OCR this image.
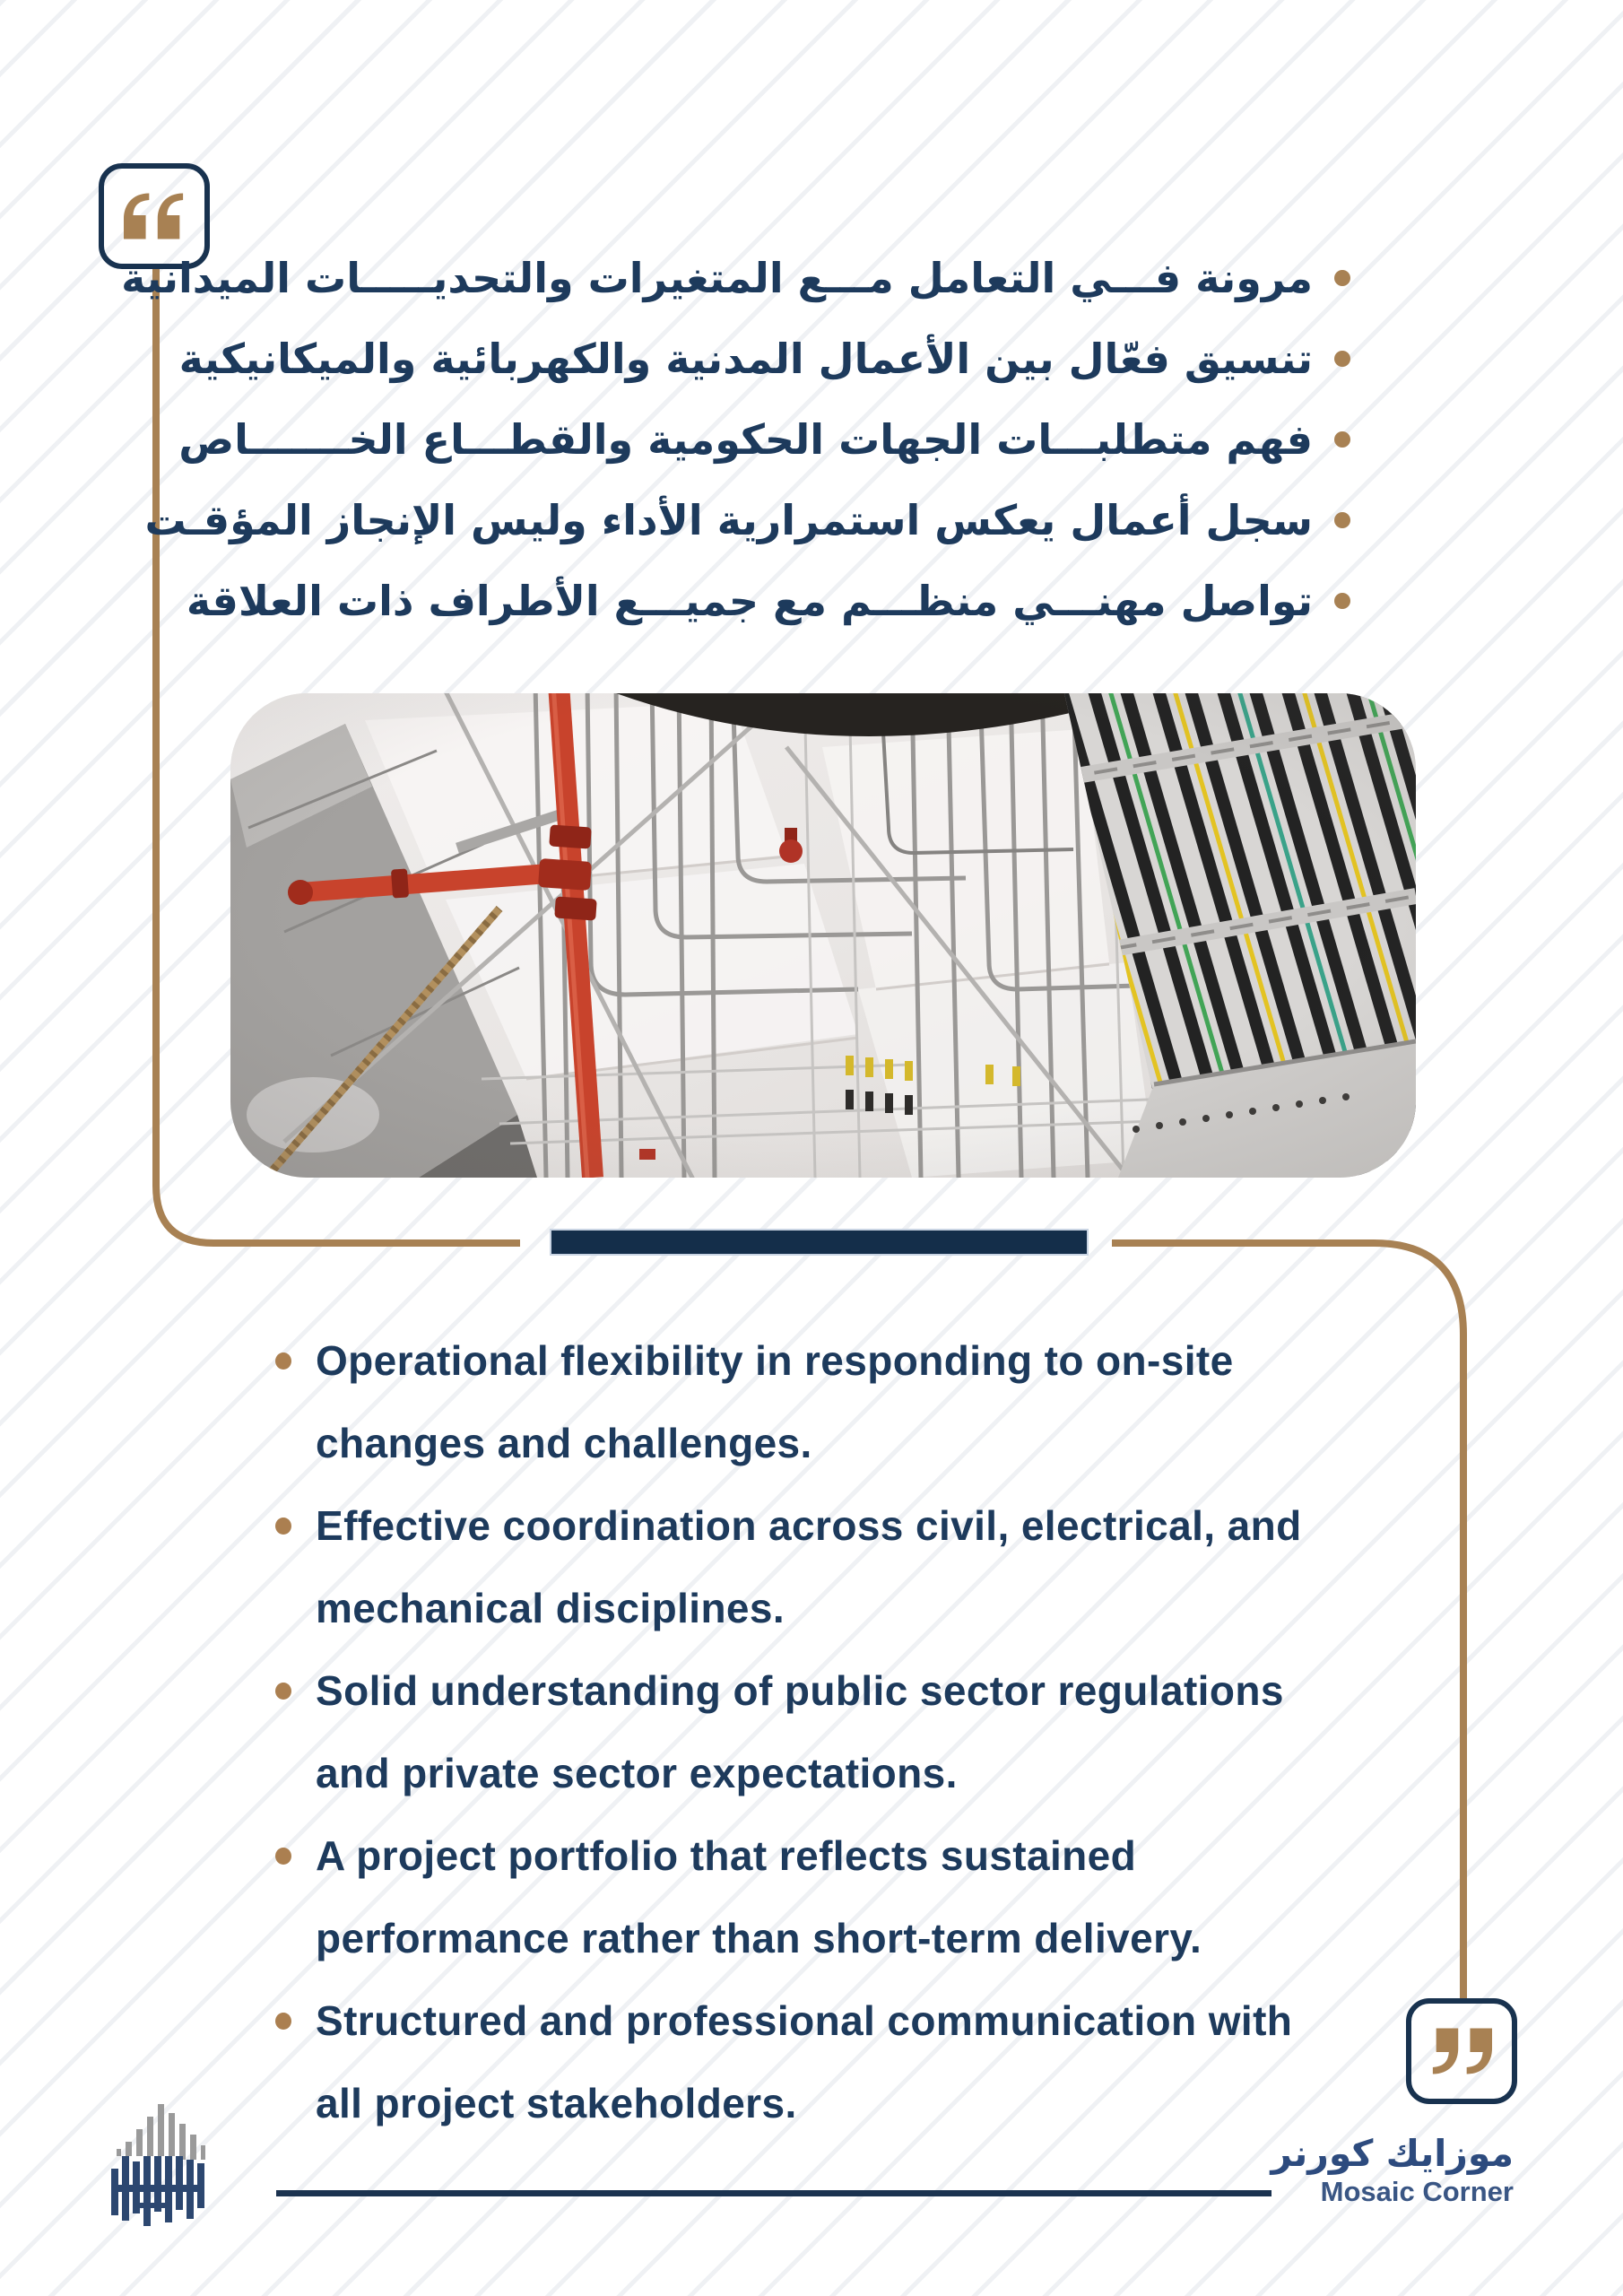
مرونة فـــي التعامل مـــع المتغيرات والتحديـــــات الميدانية
تنسيق فعّال بين الأعمال المدنية والكهربائية والميكانيكية
فهم متطلبـــات الجهات الحكومية والقطـــاع الخـــــــاص
سجل أعمال يعكس استمرارية الأداء وليس الإنجاز المؤقـت
تواصل مهنـــي منظـــم مع جميـــع الأطراف ذات العلاقة
Operational flexibility in responding to on-site
changes and challenges.
Effective coordination across civil, electrical, and
mechanical disciplines.
Solid understanding of public sector regulations
and private sector expectations.
A project portfolio that reflects sustained
performance rather than short-term delivery.
Structured and professional communication with
all project stakeholders.
موزايك كورنر
Mosaic Corner
